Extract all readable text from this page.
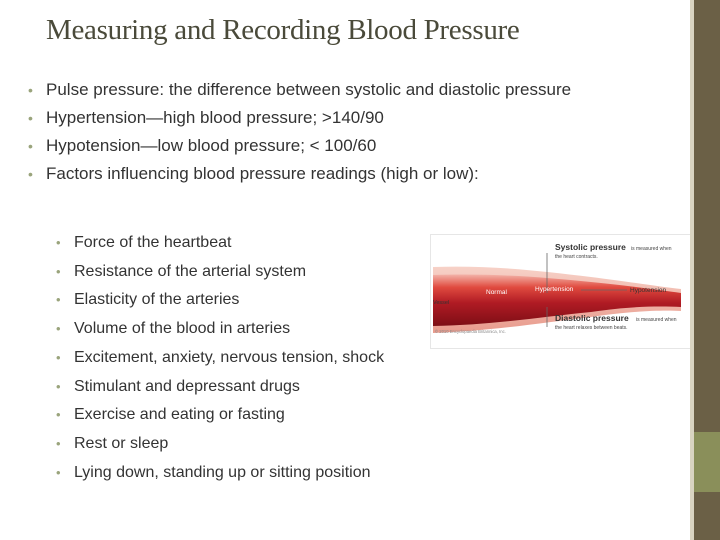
Measuring and Recording Blood Pressure
• Pulse pressure: the difference between systolic and diastolic pressure
• Hypertension—high blood pressure; >140/90
• Hypotension—low blood pressure; < 100/60
• Factors influencing blood pressure readings (high or low):
• Force of the heartbeat
• Resistance of the arterial system
• Elasticity of the arteries
• Volume of the blood in arteries
• Excitement, anxiety, nervous tension, shock
• Stimulant and depressant drugs
• Exercise and eating or fasting
• Rest or sleep
• Lying down, standing up or sitting position
Systolic pressure is measured when
the heart contracts.
Hypertension	Hypotension
Normal
Vessel
Diastolic pressure is measured when
the heart relaxes between beats.
© 2010 Encyclopaedia Britannica, Inc.
